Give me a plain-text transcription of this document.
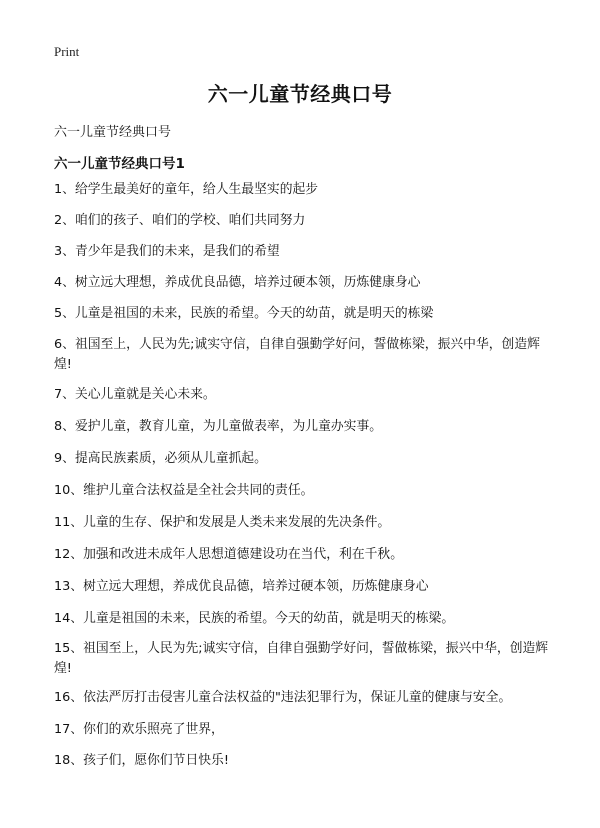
Print
六一儿童节经典口号
六一儿童节经典口号
六一儿童节经典口号1
1、给学生最美好的童年，给人生最坚实的起步
2、咱们的孩子、咱们的学校、咱们共同努力
3、青少年是我们的未来，是我们的希望
4、树立远大理想，养成优良品德，培养过硬本领，历炼健康身心
5、儿童是祖国的未来，民族的希望。今天的幼苗，就是明天的栋梁
6、祖国至上，人民为先;诚实守信，自律自强勤学好问，誓做栋梁，振兴中华，创造辉煌!
7、关心儿童就是关心未来。
8、爱护儿童，教育儿童，为儿童做表率，为儿童办实事。
9、提高民族素质，必须从儿童抓起。
10、维护儿童合法权益是全社会共同的责任。
11、儿童的生存、保护和发展是人类未来发展的先决条件。
12、加强和改进未成年人思想道德建设功在当代，利在千秋。
13、树立远大理想，养成优良品德，培养过硬本领，历炼健康身心
14、儿童是祖国的未来，民族的希望。今天的幼苗，就是明天的栋梁。
15、祖国至上，人民为先;诚实守信，自律自强勤学好问，誓做栋梁，振兴中华，创造辉煌!
16、依法严厉打击侵害儿童合法权益的"违法犯罪行为，保证儿童的健康与安全。
17、你们的欢乐照亮了世界，
18、孩子们，愿你们节日快乐!
